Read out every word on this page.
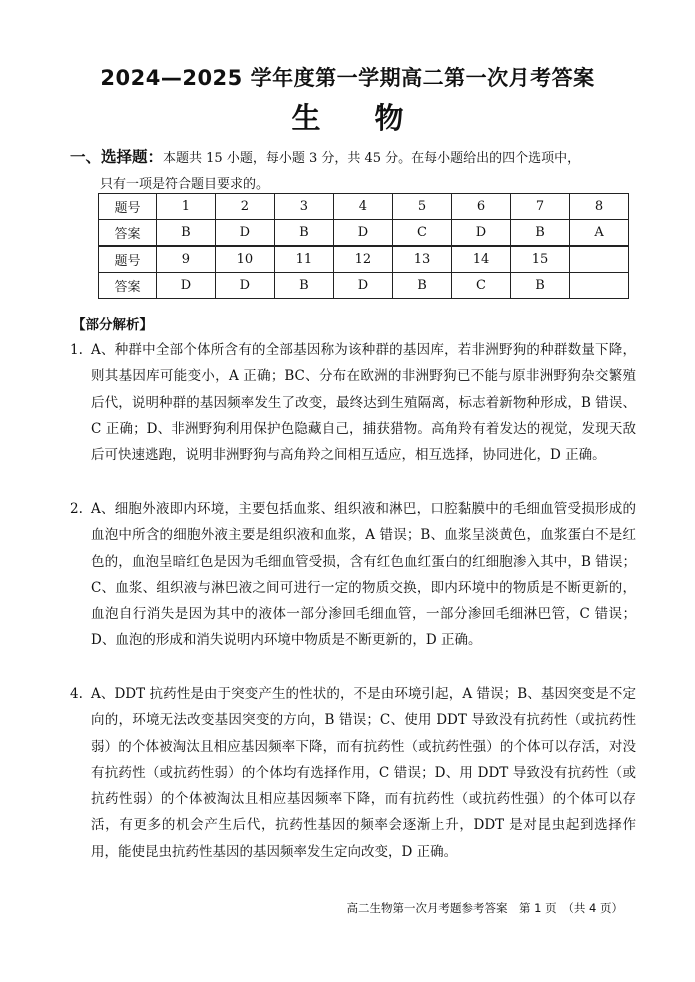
2024—2025 学年度第一学期高二第一次月考答案
生 物
一、选择题：本题共 15 小题，每小题 3 分，共 45 分。在每小题给出的四个选项中，
只有一项是符合题目要求的。
题号	1	2	3	4	5	6	7	8
答案	B	D	B	D	C	D	B	A
题号	9	10	11	12	13	14	15	
答案	D	D	B	D	B	C	B	
【部分解析】
1. A、种群中全部个体所含有的全部基因称为该种群的基因库，若非洲野狗的种群数量下降，则其基因库可能变小，A 正确；BC、分布在欧洲的非洲野狗已不能与原非洲野狗杂交繁殖后代，说明种群的基因频率发生了改变，最终达到生殖隔离，标志着新物种形成，B 错误、C 正确；D、非洲野狗利用保护色隐藏自己，捕获猎物。高角羚有着发达的视觉，发现天敌后可快速逃跑，说明非洲野狗与高角羚之间相互适应，相互选择，协同进化，D 正确。
2. A、细胞外液即内环境，主要包括血浆、组织液和淋巴，口腔黏膜中的毛细血管受损形成的血泡中所含的细胞外液主要是组织液和血浆，A 错误；B、血浆呈淡黄色，血浆蛋白不是红色的，血泡呈暗红色是因为毛细血管受损，含有红色血红蛋白的红细胞渗入其中，B 错误；C、血浆、组织液与淋巴液之间可进行一定的物质交换，即内环境中的物质是不断更新的，血泡自行消失是因为其中的液体一部分渗回毛细血管，一部分渗回毛细淋巴管，C 错误；D、血泡的形成和消失说明内环境中物质是不断更新的，D 正确。
4. A、DDT 抗药性是由于突变产生的性状的，不是由环境引起，A 错误；B、基因突变是不定向的，环境无法改变基因突变的方向，B 错误；C、使用 DDT 导致没有抗药性（或抗药性弱）的个体被淘汰且相应基因频率下降，而有抗药性（或抗药性强）的个体可以存活，对没有抗药性（或抗药性弱）的个体均有选择作用，C 错误；D、用 DDT 导致没有抗药性（或抗药性弱）的个体被淘汰且相应基因频率下降，而有抗药性（或抗药性强）的个体可以存活，有更多的机会产生后代，抗药性基因的频率会逐渐上升，DDT 是对昆虫起到选择作用，能使昆虫抗药性基因的基因频率发生定向改变，D 正确。
高二生物第一次月考题参考答案　第 1 页　（共 4 页）
